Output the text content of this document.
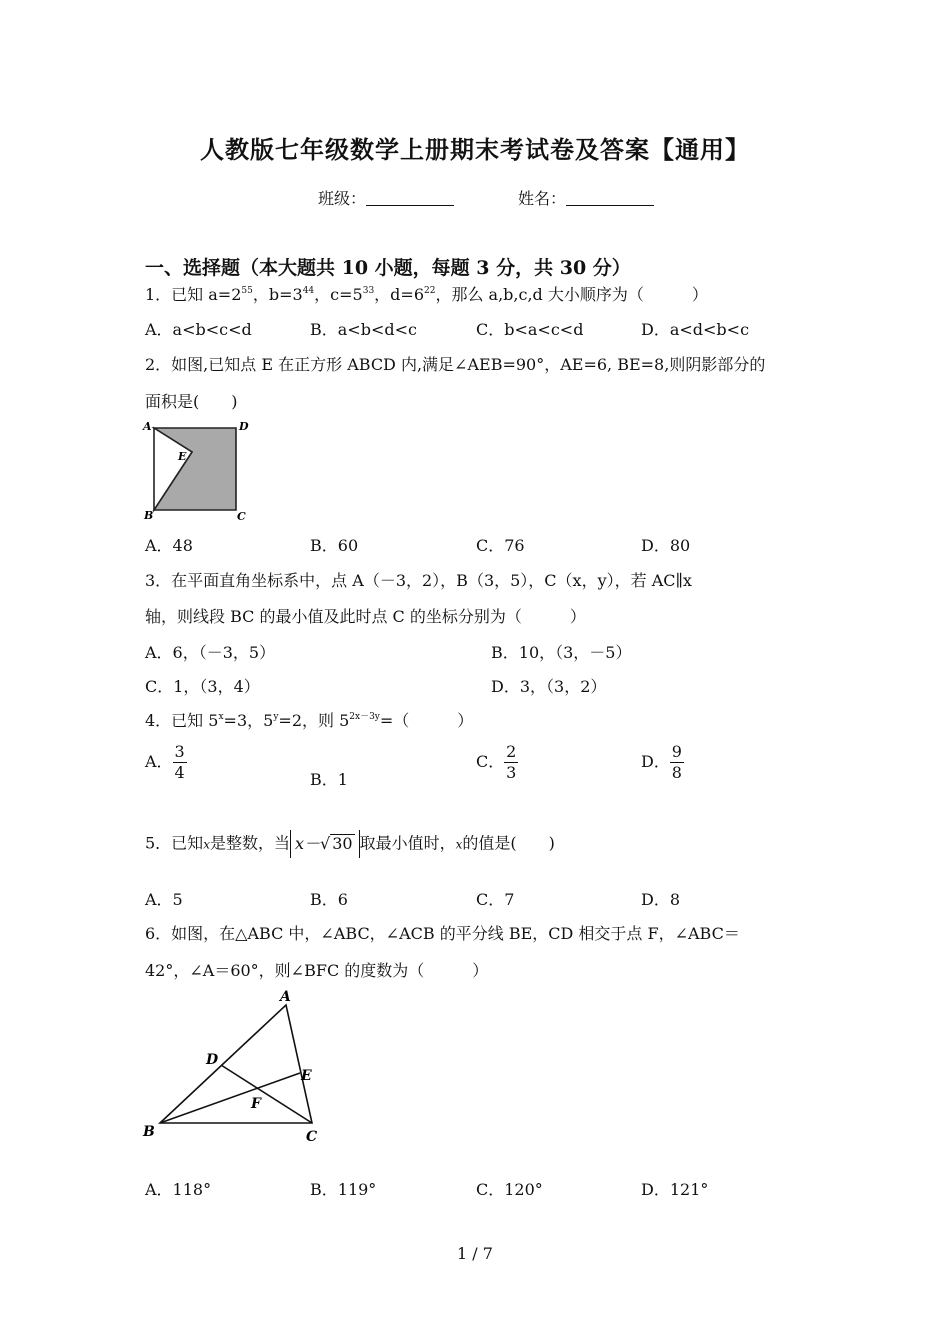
人教版七年级数学上册期末考试卷及答案【通用】
班级：	姓名：
一、选择题（本大题共 10 小题，每题 3 分，共 30 分）
1．已知 $a=2^{55}$，$b=3^{44}$，$c=5^{33}$，$d=6^{22}$，那么 a,b,c,d 大小顺序为（　　　）
A．a<b<c<d	B．a<b<d<c	C．b<a<c<d	D．a<d<b<c
2．如图,已知点 E 在正方形 ABCD 内,满足∠AEB=90°，AE=6, BE=8,则阴影部分的
面积是(　　)
A	D
B	C
E
A．48	B．60	C．76	D．80
3．在平面直角坐标系中，点 A（－3，2），B（3，5），C（x，y），若 AC∥x
轴，则线段 BC 的最小值及此时点 C 的坐标分别为（　　　）
A．6，（－3，5）	B．10，（3，－5）
C．1，（3，4）	D．3，（3，2）
4．已知 $5^x=3$，$5^y=2$，则 $5^{2x-3y}=$（　　　）
A． $\frac{3}{4}$	B．1
C． $\frac{2}{3}$	D． $\frac{9}{8}$
5．已知x是整数，当 x－√ 30 取最小值时，x的值是(　　)
A．5	B．6	C．7	D．8
6．如图，在△ABC 中，∠ABC，∠ACB 的平分线 BE，CD 相交于点 F，∠ABC＝
42°，∠A＝60°，则∠BFC 的度数为（　　　）
A
B	C
D
E
F
A．118°	B．119°	C．120°	D．121°
1 / 7
